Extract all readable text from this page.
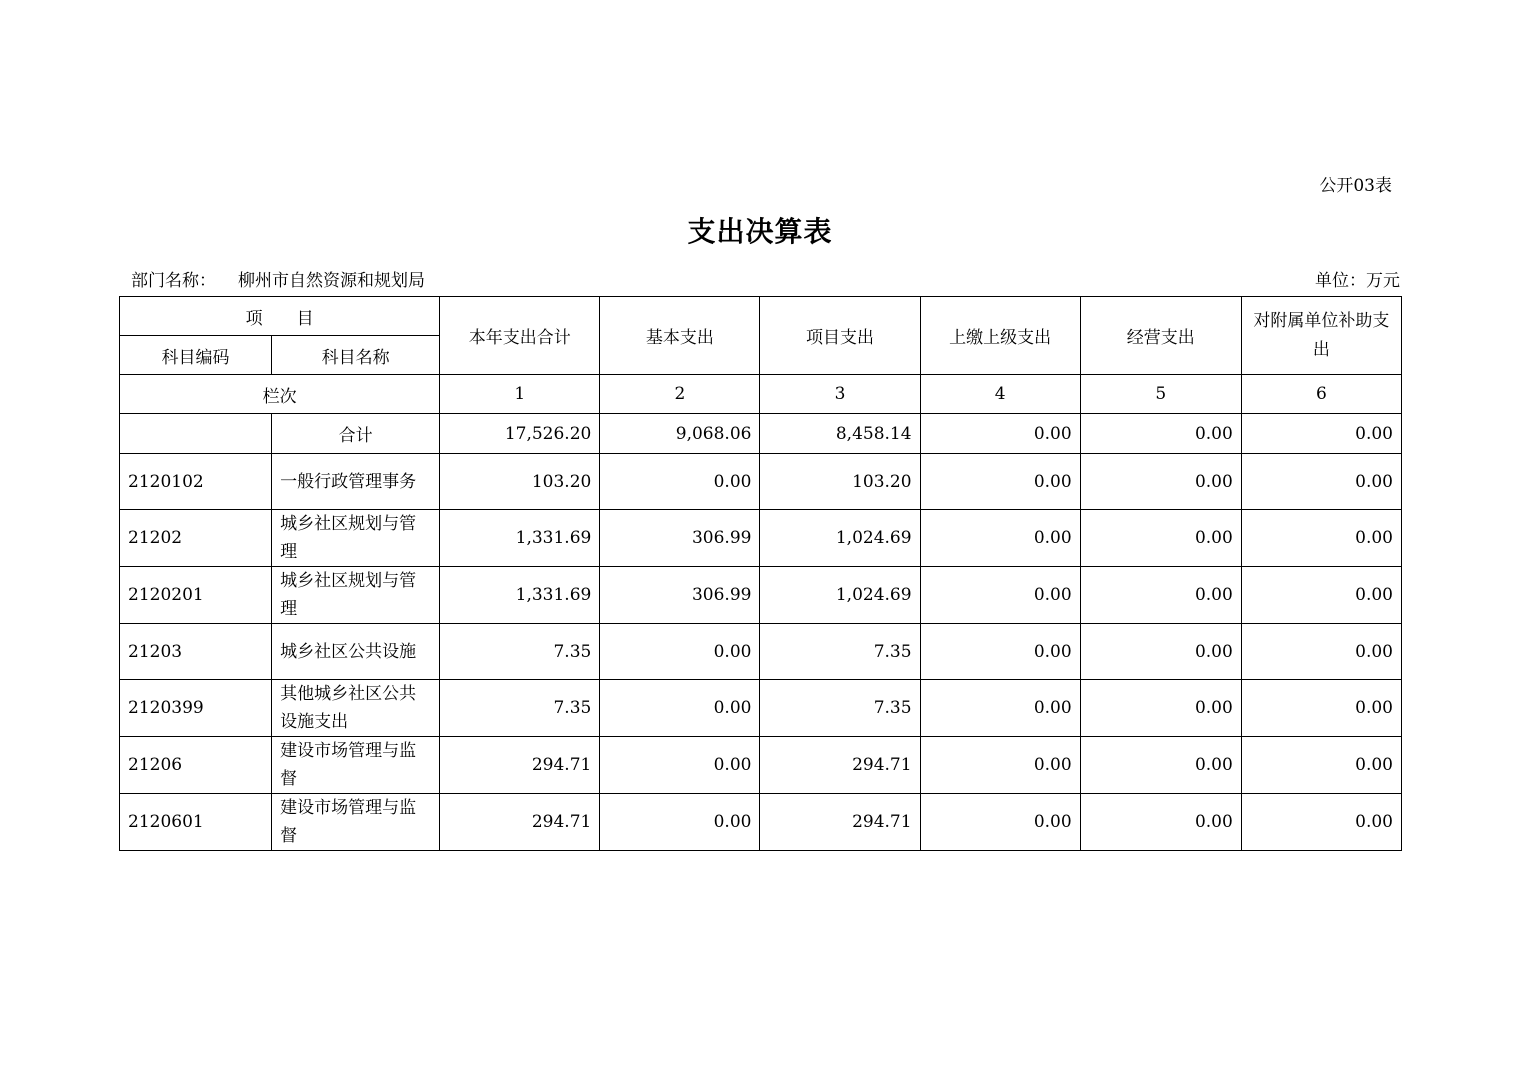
公开03表
支出决算表
部门名称： 柳州市自然资源和规划局	单位：万元
项　　目		本年支出合计	基本支出	项目支出	上缴上级支出	经营支出	对附属单位补助支出
科目编码	科目名称						
栏次		1	2	3	4	5	6
	合计	17,526.20	9,068.06	8,458.14	0.00	0.00	0.00
2120102	一般行政管理事务	103.20	0.00	103.20	0.00	0.00	0.00
21202	城乡社区规划与管理	1,331.69	306.99	1,024.69	0.00	0.00	0.00
2120201	城乡社区规划与管理	1,331.69	306.99	1,024.69	0.00	0.00	0.00
21203	城乡社区公共设施	7.35	0.00	7.35	0.00	0.00	0.00
2120399	其他城乡社区公共设施支出	7.35	0.00	7.35	0.00	0.00	0.00
21206	建设市场管理与监督	294.71	0.00	294.71	0.00	0.00	0.00
2120601	建设市场管理与监督	294.71	0.00	294.71	0.00	0.00	0.00
